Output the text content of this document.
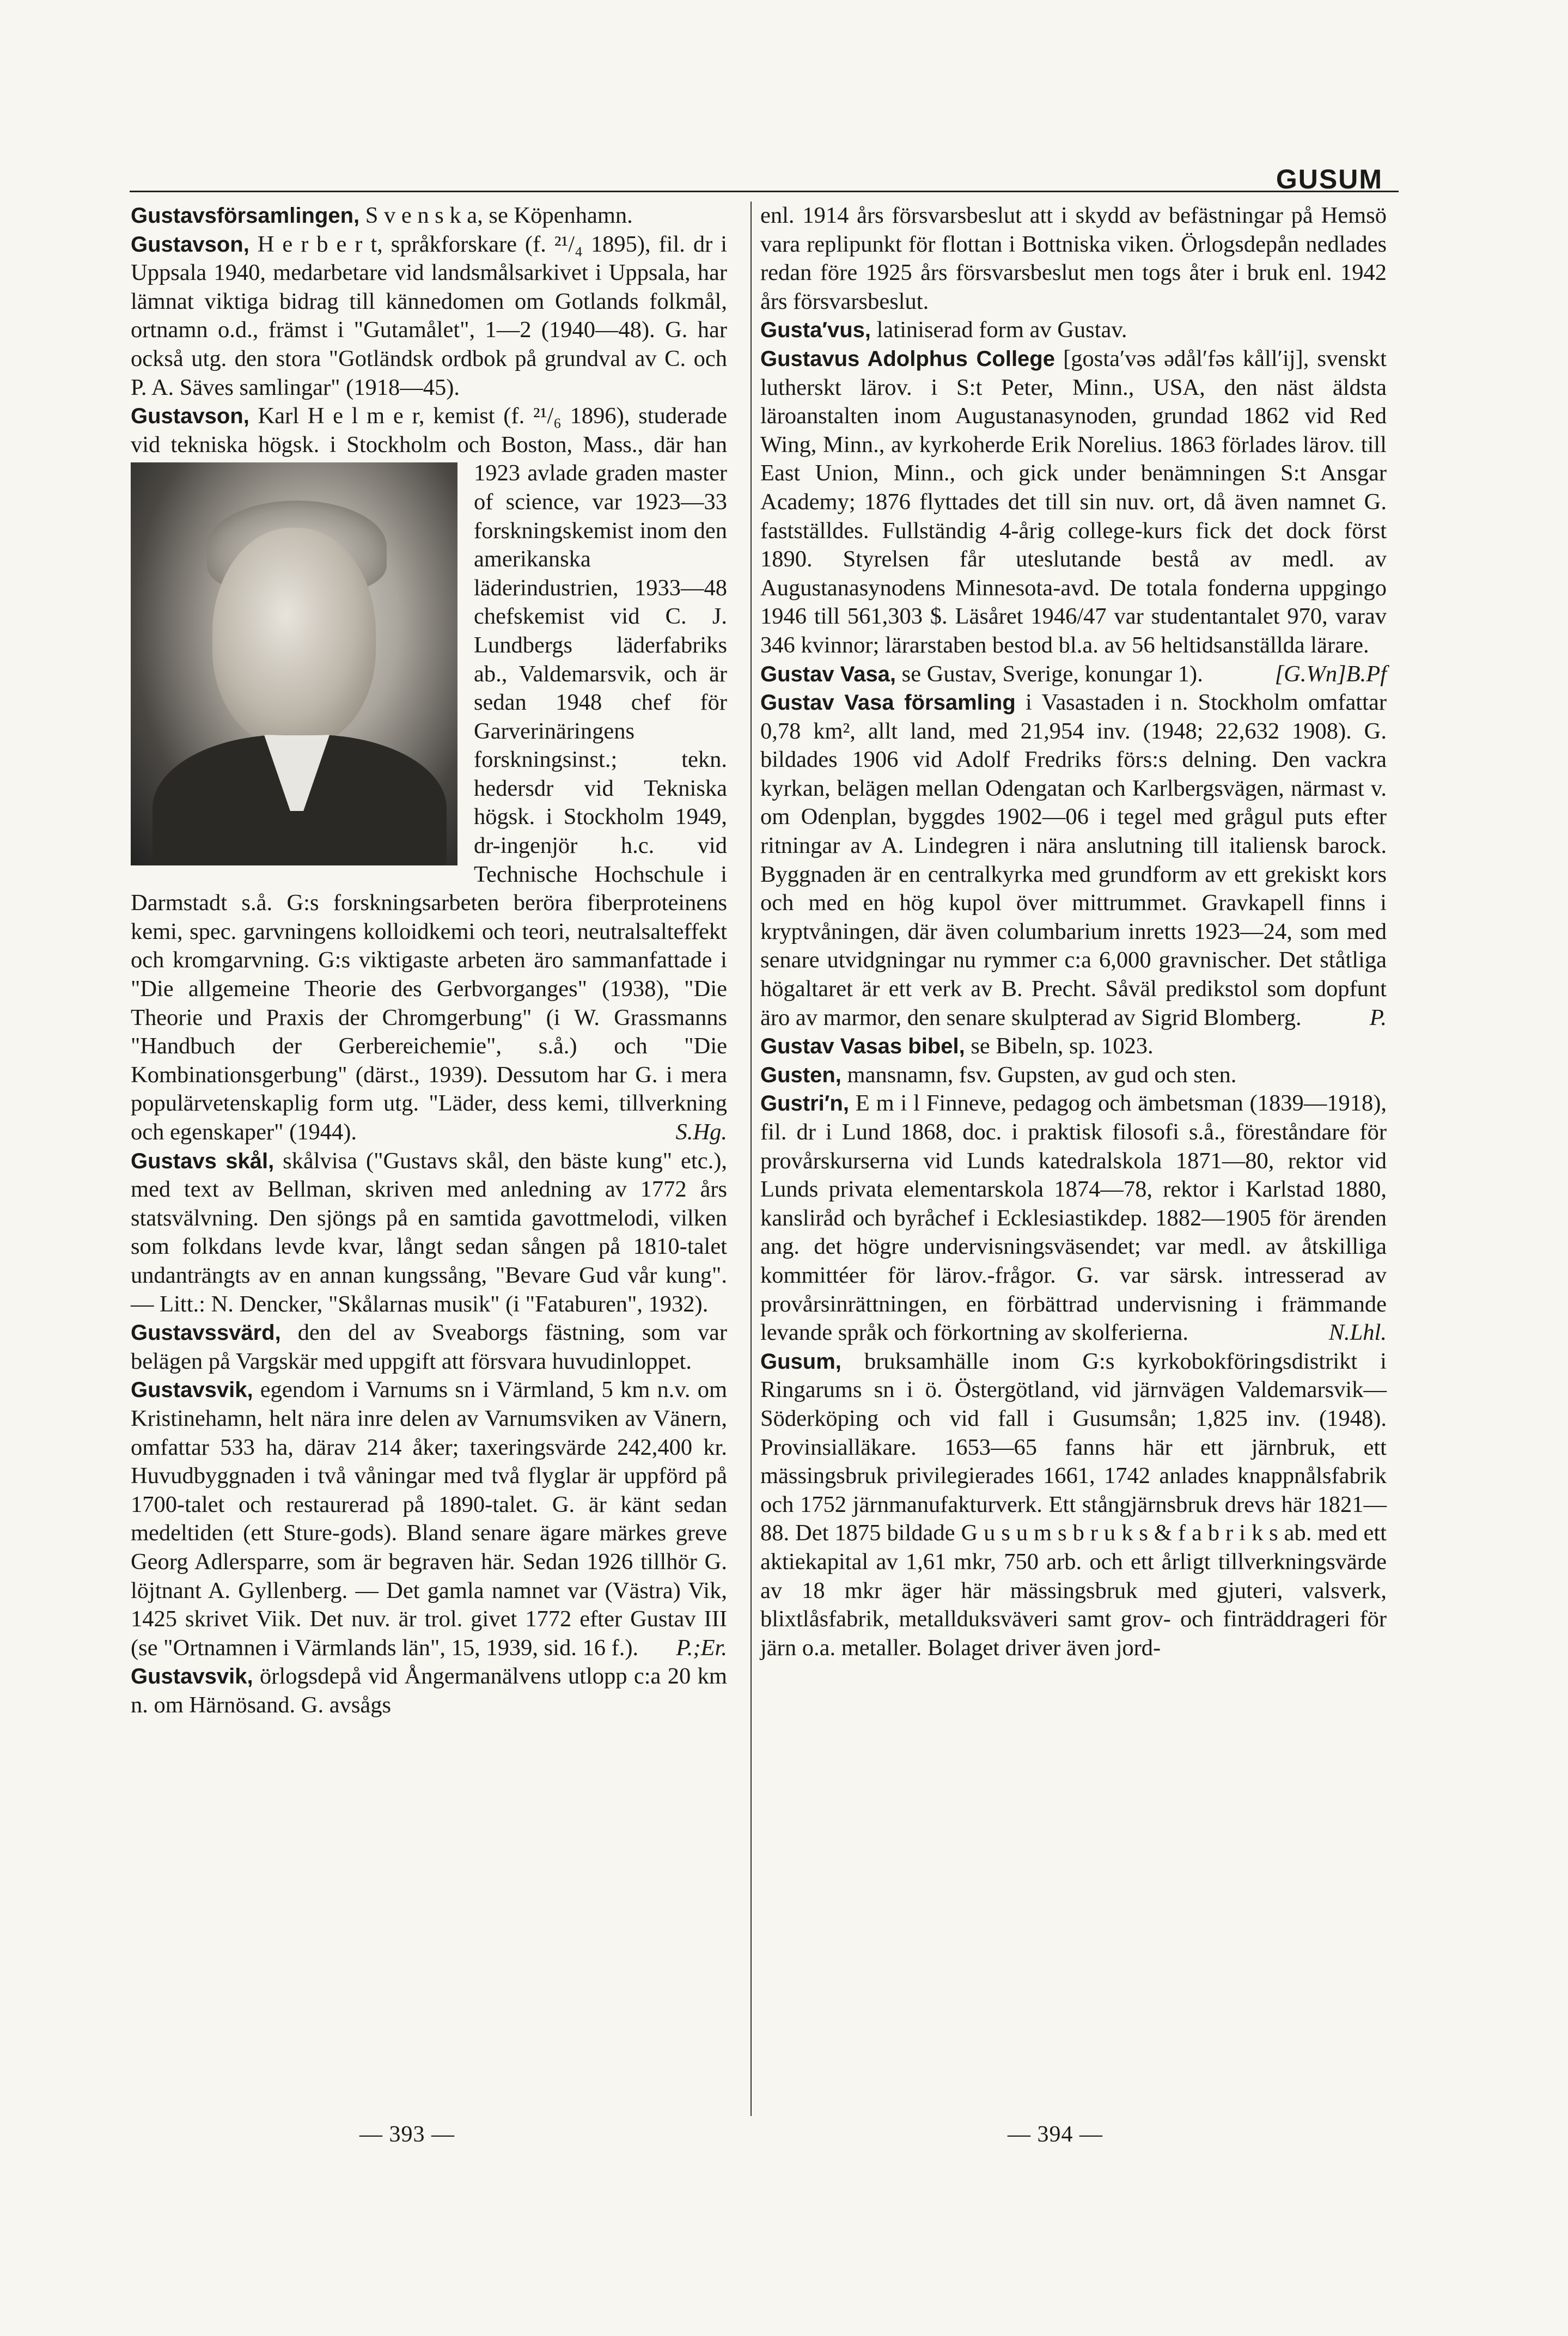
GUSUM

Gustavsförsamlingen, S v e n s k a, se Köpenhamn.

Gustavson, H e r b e r t, språkforskare (f. ²¹/₄ 1895), fil. dr i Uppsala 1940, medarbetare vid landsmålsarkivet i Uppsala, har lämnat viktiga bidrag till kännedomen om Gotlands folkmål, ortnamn o.d., främst i "Gutamålet", 1—2 (1940—48). G. har också utg. den stora "Gotländsk ordbok på grundval av C. och P. A. Säves samlingar" (1918—45).

Gustavson, Karl H e l m e r, kemist (f. ²¹/₆ 1896), studerade vid tekniska högsk. i Stockholm och Boston, Mass., där han 1923 avlade graden
master of science, var 1923—33 forskningskemist inom den amerikanska läderindustrien, 1933—48 chefskemist vid C. J. Lundbergs läderfabriks ab., Valdemarsvik, och är sedan 1948 chef för Garverinäringens forskningsinst.; tekn. hedersdr vid Tekniska högsk. i Stockholm 1949, dr-ingenjör h.c. vid Technische Hochschule i Darmstadt s.å. G:s forskningsarbeten beröra fiberproteinens kemi, spec. garvningens kolloidkemi och teori, neutralsalteffekt och kromgarvning. G:s viktigaste arbeten äro sammanfattade i "Die allgemeine Theorie des Gerbvorganges" (1938), "Die Theorie und Praxis der Chromgerbung" (i W. Grassmanns "Handbuch der Gerbereichemie", s.å.) och "Die Kombinationsgerbung" (därst., 1939). Dessutom har G. i mera populärvetenskaplig form utg. "Läder, dess kemi, tillverkning och egenskaper" (1944).	S.Hg.

Gustavs skål, skålvisa ("Gustavs skål, den bäste kung" etc.), med text av Bellman, skriven med anledning av 1772 års statsvälvning. Den sjöngs på en samtida gavottmelodi, vilken som folkdans levde kvar, långt sedan sången på 1810-talet undanträngts av en annan kungssång, "Bevare Gud vår kung". — Litt.: N. Dencker, "Skålarnas musik" (i "Fataburen", 1932).

Gustavssvärd, den del av Sveaborgs fästning, som var belägen på Vargskär med uppgift att försvara huvudinloppet.

Gustavsvik, egendom i Varnums sn i Värmland, 5 km n.v. om Kristinehamn, helt nära inre delen av Varnumsviken av Vänern, omfattar 533 ha, därav 214 åker; taxeringsvärde 242,400 kr. Huvudbyggnaden i två våningar med två flyglar är uppförd på 1700-talet och restaurerad på 1890-talet. G. är känt sedan medeltiden (ett Sture-gods). Bland senare ägare märkes greve Georg Adlersparre, som är begraven här. Sedan 1926 tillhör G. löjtnant A. Gyllenberg. — Det gamla namnet var (Västra) Vik, 1425 skrivet Viik. Det nuv. är trol. givet 1772 efter Gustav III (se "Ortnamnen i Värmlands län", 15, 1939, sid. 16 f.). P.;Er.

Gustavsvik, örlogsdepå vid Ångermanälvens utlopp c:a 20 km n. om Härnösand. G. avsågs

enl. 1914 års försvarsbeslut att i skydd av befästningar på Hemsö vara replipunkt för flottan i Bottniska viken. Örlogsdepån nedlades redan före 1925 års försvarsbeslut men togs åter i bruk enl. 1942 års försvarsbeslut.

Gusta′vus, latiniserad form av Gustav.

Gustavus Adolphus College [gosta′vəs ədål′fəs kåll′ij], svenskt lutherskt lärov. i S:t Peter, Minn., USA, den näst äldsta läroanstalten inom Augustanasynoden, grundad 1862 vid Red Wing, Minn., av kyrkoherde Erik Norelius. 1863 förlades lärov. till East Union, Minn., och gick under benämningen S:t Ansgar Academy; 1876 flyttades det till sin nuv. ort, då även namnet G. fastställdes. Fullständig 4-årig college-kurs fick det dock först 1890. Styrelsen får uteslutande bestå av medl. av Augustanasynodens Minnesota-avd. De totala fonderna uppgingo 1946 till 561,303 $. Läsåret 1946/47 var studentantalet 970, varav 346 kvinnor; lärarstaben bestod bl.a. av 56 heltidsanställda lärare.
[G.Wn]B.Pf

Gustav Vasa, se Gustav, Sverige, konungar 1).

Gustav Vasa församling i Vasastaden i n. Stockholm omfattar 0,78 km², allt land, med 21,954 inv. (1948; 22,632 1908). G. bildades 1906 vid Adolf Fredriks förs:s delning. Den vackra kyrkan, belägen mellan Odengatan och Karlbergsvägen, närmast v. om Odenplan, byggdes 1902—06 i tegel med grågul puts efter ritningar av A. Lindegren i nära anslutning till italiensk barock. Byggnaden är en centralkyrka med grundform av ett grekiskt kors och med en hög kupol över mittrummet. Gravkapell finns i kryptvåningen, där även columbarium inretts 1923—24, som med senare utvidgningar nu rymmer c:a 6,000 gravnischer. Det ståtliga högaltaret är ett verk av B. Precht. Såväl predikstol som dopfunt äro av marmor, den senare skulpterad av Sigrid Blomberg.	P.

Gustav Vasas bibel, se Bibeln, sp. 1023.

Gusten, mansnamn, fsv. Gupsten, av gud och sten.

Gustri′n, E m i l Finneve, pedagog och ämbetsman (1839—1918), fil. dr i Lund 1868, doc. i praktisk filosofi s.å., föreståndare för provårskurserna vid Lunds katedralskola 1871—80, rektor vid Lunds privata elementarskola 1874—78, rektor i Karlstad 1880, kansliråd och byråchef i Ecklesiastikdep. 1882—1905 för ärenden ang. det högre undervisningsväsendet; var medl. av åtskilliga kommittéer för lärov.-frågor. G. var särsk. intresserad av provårsinrättningen, en förbättrad undervisning i främmande levande språk och förkortning av skolferierna.	N.Lhl.

Gusum, bruksamhälle inom G:s kyrkobokföringsdistrikt i Ringarums sn i ö. Östergötland, vid järnvägen Valdemarsvik—Söderköping och vid fall i Gusumsån; 1,825 inv. (1948). Provinsialläkare. 1653—65 fanns här ett järnbruk, ett mässingsbruk privilegierades 1661, 1742 anlades knappnålsfabrik och 1752 järnmanufakturverk. Ett stångjärnsbruk drevs här 1821—88. Det 1875 bildade G u s u m s b r u k s & f a b r i k s ab. med ett aktiekapital av 1,61 mkr, 750 arb. och ett årligt tillverkningsvärde av 18 mkr äger här mässingsbruk med gjuteri, valsverk, blixtlåsfabrik, metallduksväveri samt grov- och finträddrageri för järn o.a. metaller. Bolaget driver även jord-

— 393 —	— 394 —
